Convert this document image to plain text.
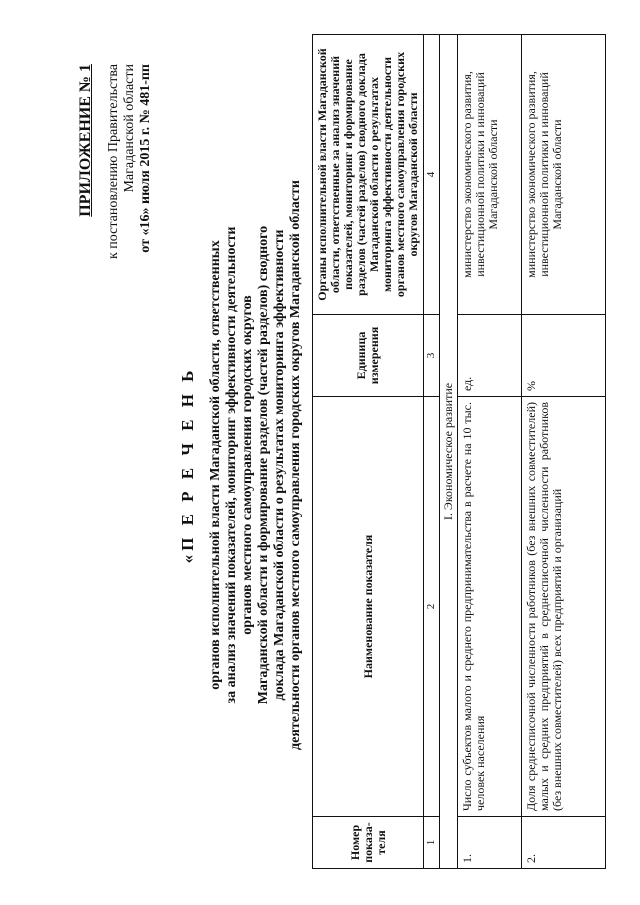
ПРИЛОЖЕНИЕ № 1 к постановлению Правительства Магаданской области от «16» июля 2015 г. № 481-пп
«П Е Р Е Ч Е Н Ь органов исполнительной власти Магаданской области, ответственных за анализ значений показателей, мониторинг эффективности деятельности органов местного самоуправления городских округов Магаданской области и формирование разделов (частей разделов) сводного доклада Магаданской области о результатах мониторинга эффективности деятельности органов местного самоуправления городских округов Магаданской области
Номер показа-теля	Наименование показателя	Единица измерения	Органы исполнительной власти Магаданской области, ответственные за анализ значений показателей, мониторинг и формирование разделов (частей разделов) сводного доклада Магаданской области о результатах мониторинга эффективности деятельности органов местного самоуправления городских округов Магаданской области
1	2	3	4
I. Экономическое развитие			
1.	Число субъектов малого и среднего предпринимательства в расчете на 10 тыс. человек населения	ед.	министерство экономического развития, инвестиционной политики и инноваций Магаданской области
2.	Доля среднесписочной численности работников (без внешних совместителей) малых и средних предприятий в среднесписочной численности работников (без внешних совместителей) всех предприятий и организаций	%	министерство экономического развития, инвестиционной политики и инноваций Магаданской области
